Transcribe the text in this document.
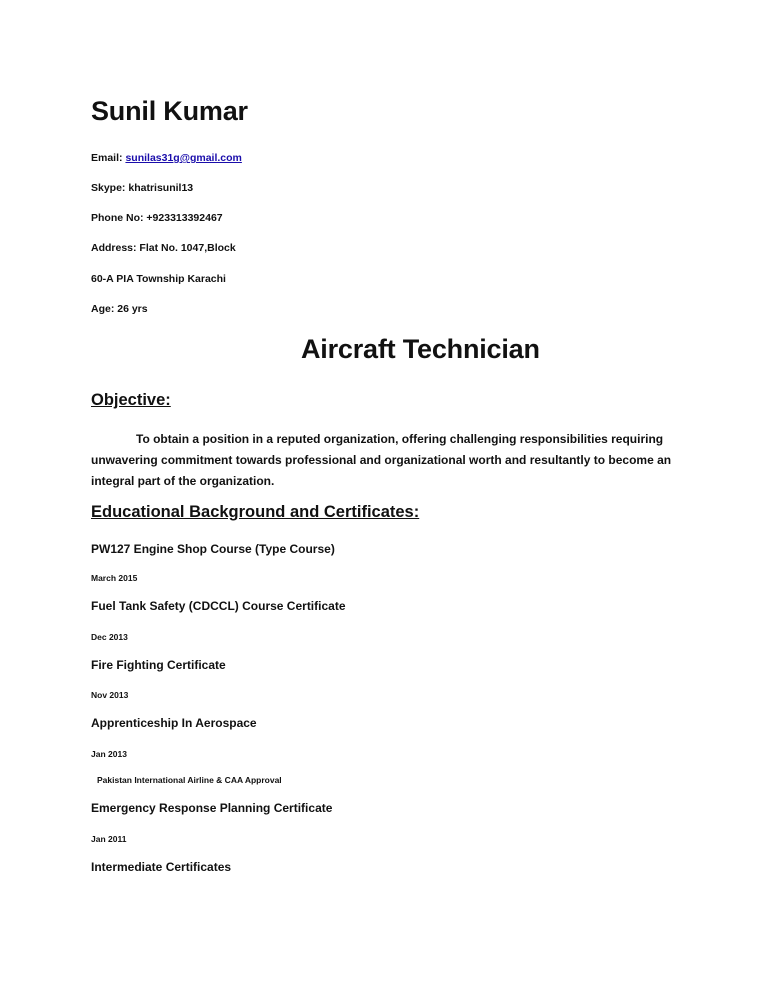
Sunil Kumar
Email: sunilas31g@gmail.com
Skype: khatrisunil13
Phone No: +923313392467
Address: Flat No. 1047,Block
60-A PIA Township Karachi
Age: 26 yrs
Aircraft Technician
Objective:
To obtain a position in a reputed organization, offering challenging responsibilities requiring unwavering commitment towards professional and organizational worth and resultantly to become an integral part of the organization.
Educational Background and Certificates:
PW127 Engine Shop Course (Type Course)
March 2015
Fuel Tank Safety (CDCCL) Course Certificate
Dec 2013
Fire Fighting Certificate
Nov 2013
Apprenticeship In Aerospace
Jan 2013
Pakistan International Airline & CAA Approval
Emergency Response Planning Certificate
Jan 2011
Intermediate Certificates
